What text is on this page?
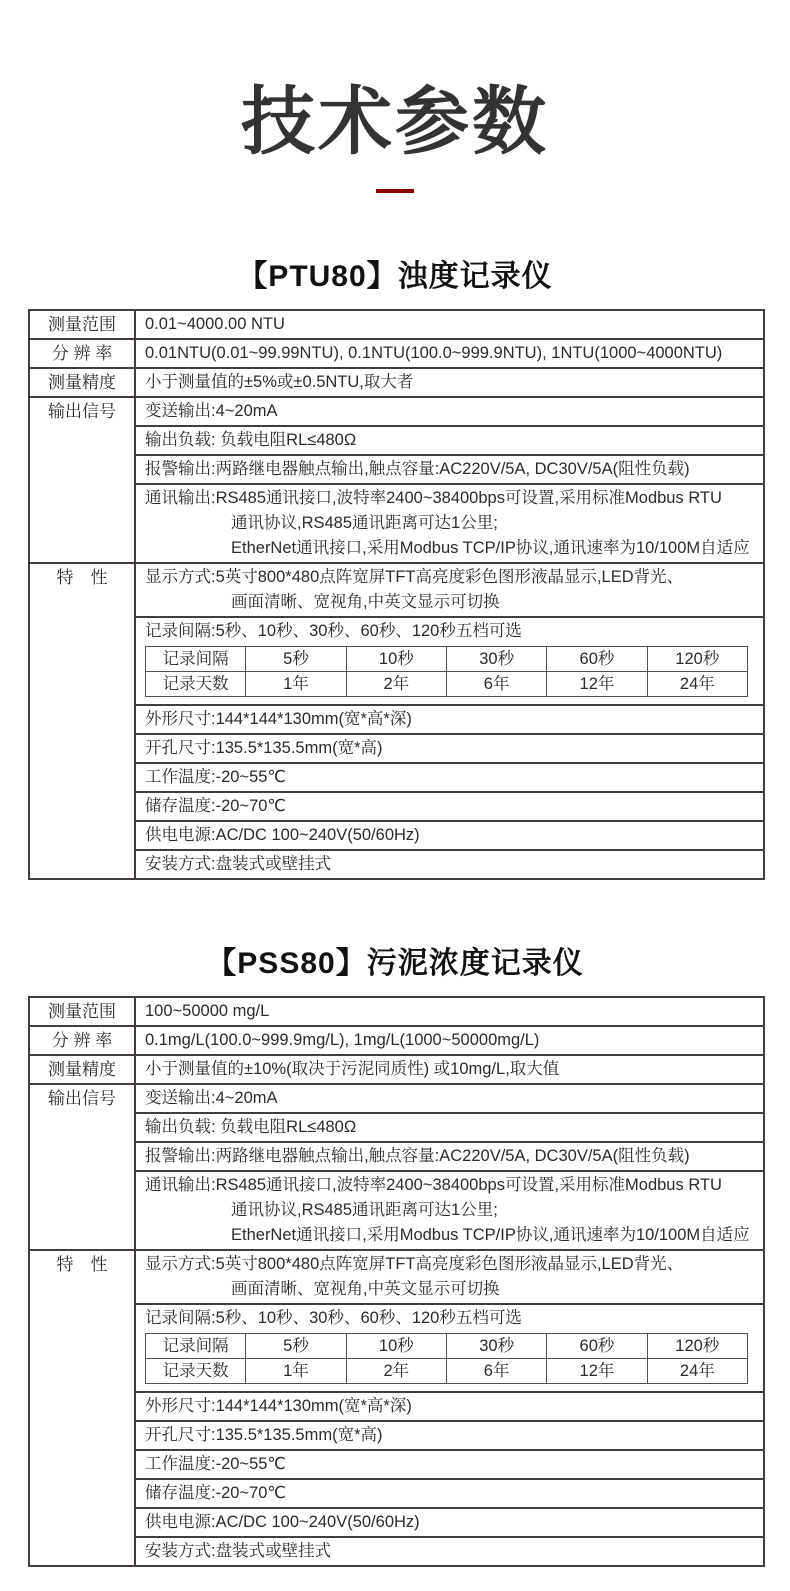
技术参数
【PTU80】浊度记录仪
测量范围	0.01~4000.00 NTU

分 辨 率	0.01NTU(0.01~99.99NTU), 0.1NTU(100.0~999.9NTU), 1NTU(1000~4000NTU)

测量精度	小于测量值的±5%或±0.5NTU,取大者

输出信号	变送输出:4~20mA

输出负载: 负载电阻RL≤480Ω

报警输出:两路继电器触点输出,触点容量:AC220V/5A, DC30V/5A(阻性负载)

通讯输出:RS485通讯接口,波特率2400~38400bps可设置,采用标准Modbus RTU
通讯协议,RS485通讯距离可达1公里;
EtherNet通讯接口,采用Modbus TCP/IP协议,通讯速率为10/100M自适应

特　性	显示方式:5英寸800*480点阵宽屏TFT高亮度彩色图形液晶显示,LED背光、
画面清晰、宽视角,中英文显示可切换

记录间隔:5秒、10秒、30秒、60秒、120秒五档可选
记录间隔	5秒	10秒	30秒	60秒	120秒
记录天数	1年	2年	6年	12年	24年

外形尺寸:144*144*130mm(宽*高*深)

开孔尺寸:135.5*135.5mm(宽*高)

工作温度:-20~55℃

储存温度:-20~70℃

供电电源:AC/DC 100~240V(50/60Hz)

安装方式:盘装式或壁挂式
【PSS80】污泥浓度记录仪
测量范围	100~50000 mg/L

分 辨 率	0.1mg/L(100.0~999.9mg/L), 1mg/L(1000~50000mg/L)

测量精度	小于测量值的±10%(取决于污泥同质性) 或10mg/L,取大值

输出信号	变送输出:4~20mA

输出负载: 负载电阻RL≤480Ω

报警输出:两路继电器触点输出,触点容量:AC220V/5A, DC30V/5A(阻性负载)

通讯输出:RS485通讯接口,波特率2400~38400bps可设置,采用标准Modbus RTU
通讯协议,RS485通讯距离可达1公里;
EtherNet通讯接口,采用Modbus TCP/IP协议,通讯速率为10/100M自适应

特　性	显示方式:5英寸800*480点阵宽屏TFT高亮度彩色图形液晶显示,LED背光、
画面清晰、宽视角,中英文显示可切换

记录间隔:5秒、10秒、30秒、60秒、120秒五档可选
记录间隔	5秒	10秒	30秒	60秒	120秒
记录天数	1年	2年	6年	12年	24年

外形尺寸:144*144*130mm(宽*高*深)

开孔尺寸:135.5*135.5mm(宽*高)

工作温度:-20~55℃

储存温度:-20~70℃

供电电源:AC/DC 100~240V(50/60Hz)

安装方式:盘装式或壁挂式
